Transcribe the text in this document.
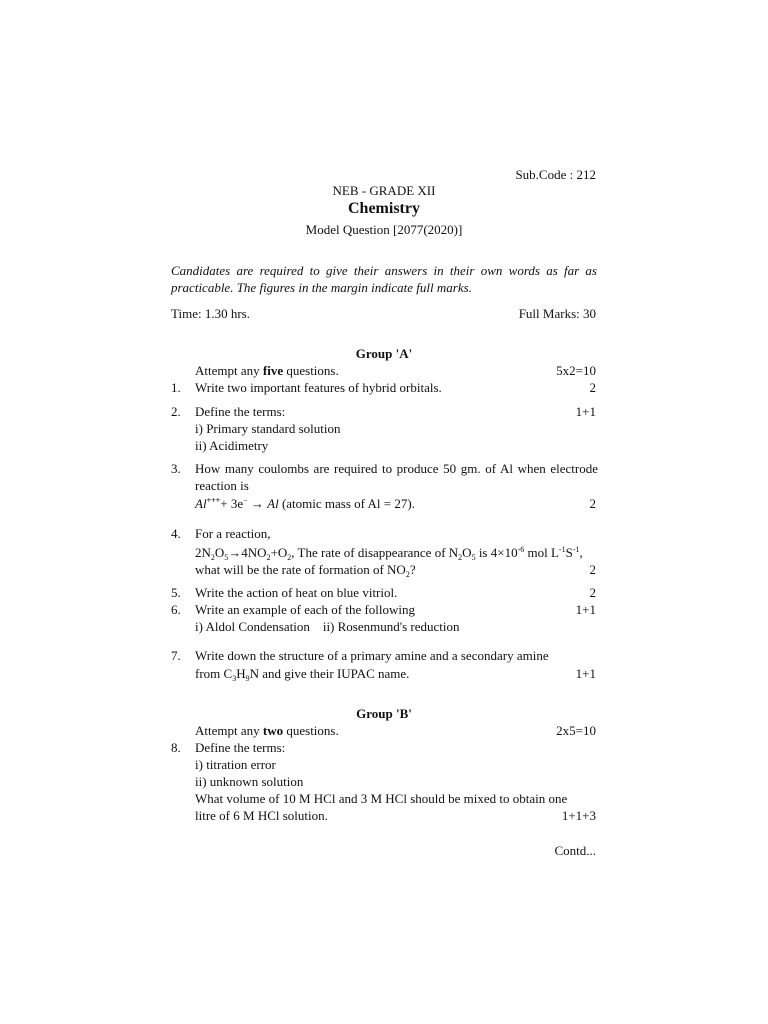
Sub.Code : 212
NEB - GRADE XII
Chemistry
Model Question [2077(2020)]
Candidates are required to give their answers in their own words as far as
practicable. The figures in the margin indicate full marks.
Time: 1.30 hrs.	Full Marks: 30
Group 'A'
Attempt any five questions.	5x2=10
1. Write two important features of hybrid orbitals.	2
2. Define the terms:	1+1
i) Primary standard solution
ii) Acidimetry
3. How many coulombs are required to produce 50 gm. of Al when electrode
reaction is
Al++++ 3e− → Al (atomic mass of Al = 27).	2
4. For a reaction,
$2N_2O_5\to 4NO_2+O_2$, The rate of disappearance of $N_2O_5$ is $4\times 10^{-6}$ mol $L^{-1}S^{-1}$,
what will be the rate of formation of $NO_2$?	2
5. Write the action of heat on blue vitriol.	2
6. Write an example of each of the following	1+1
i) Aldol Condensation    ii) Rosenmund's reduction
7. Write down the structure of a primary amine and a secondary amine
from $C_3H_9N$ and give their IUPAC name.	1+1
Group 'B'
Attempt any two questions.	2x5=10
8. Define the terms:
i) titration error
ii) unknown solution
What volume of 10 M HCl and 3 M HCl should be mixed to obtain one
litre of 6 M HCl solution.	1+1+3
Contd...
